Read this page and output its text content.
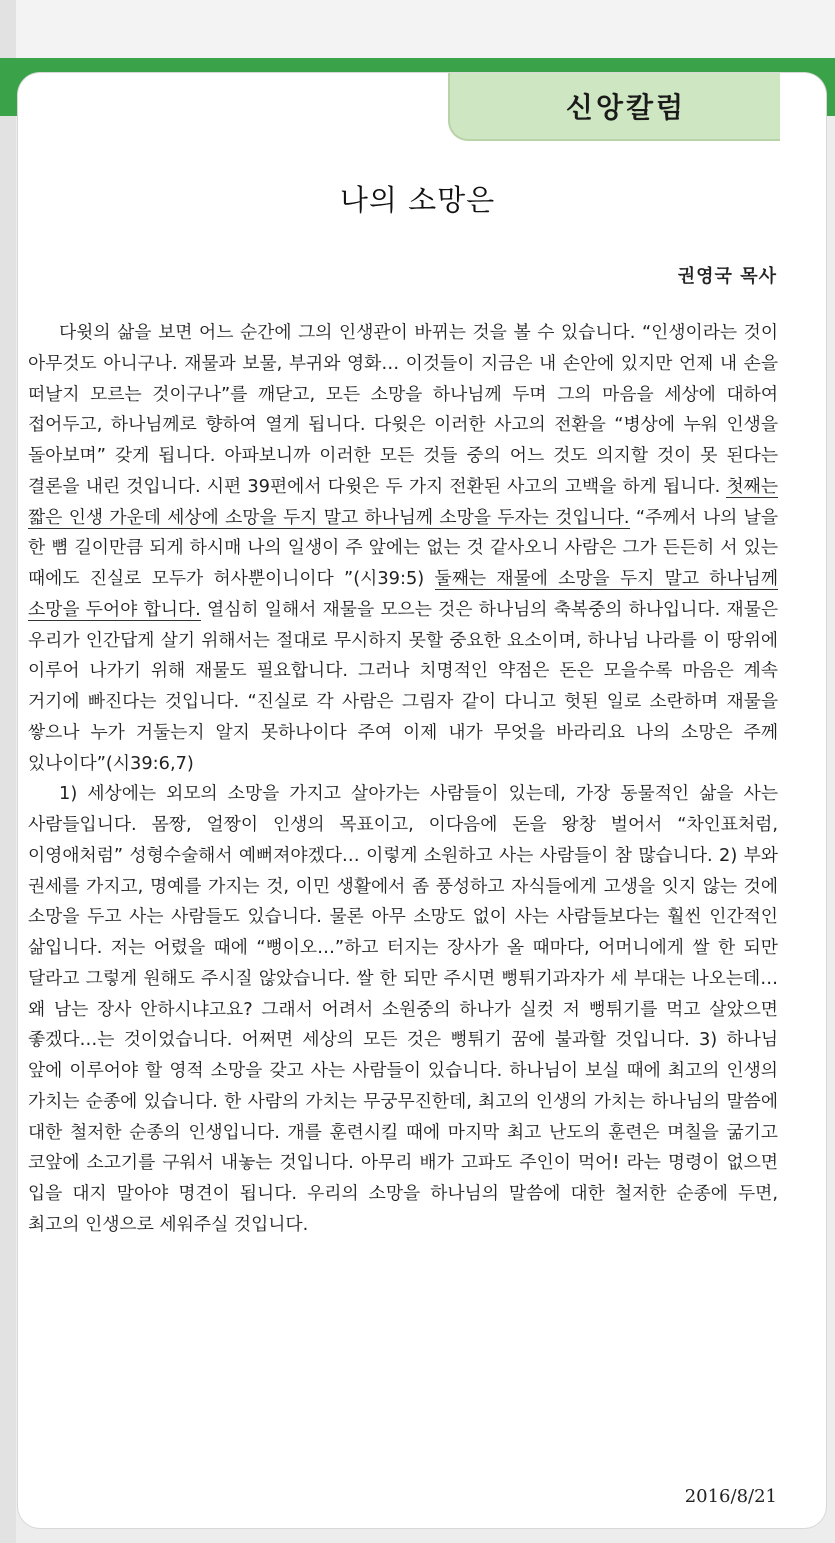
신앙칼럼
나의 소망은
권영국 목사

다윗의 삶을 보면 어느 순간에 그의 인생관이 바뀌는 것을 볼 수 있습니다. “인생이라는 것이 아무것도 아니구나. 재물과 보물, 부귀와 영화… 이것들이 지금은 내 손안에 있지만 언제 내 손을 떠날지 모르는 것이구나”를 깨닫고, 모든 소망을 하나님께 두며 그의 마음을 세상에 대하여 접어두고, 하나님께로 향하여 열게 됩니다. 다윗은 이러한 사고의 전환을 “병상에 누워 인생을 돌아보며” 갖게 됩니다. 아파보니까 이러한 모든 것들 중의 어느 것도 의지할 것이 못 된다는 결론을 내린 것입니다. 시편 39편에서 다윗은 두 가지 전환된 사고의 고백을 하게 됩니다. 첫째는 짧은 인생 가운데 세상에 소망을 두지 말고 하나님께 소망을 두자는 것입니다. “주께서 나의 날을 한 뼘 길이만큼 되게 하시매 나의 일생이 주 앞에는 없는 것 같사오니 사람은 그가 든든히 서 있는 때에도 진실로 모두가 허사뿐이니이다 ”(시39:5) 둘째는 재물에 소망을 두지 말고 하나님께 소망을 두어야 합니다. 열심히 일해서 재물을 모으는 것은 하나님의 축복중의 하나입니다. 재물은 우리가 인간답게 살기 위해서는 절대로 무시하지 못할 중요한 요소이며, 하나님 나라를 이 땅위에 이루어 나가기 위해 재물도 필요합니다. 그러나 치명적인 약점은 돈은 모을수록 마음은 계속 거기에 빠진다는 것입니다. “진실로 각 사람은 그림자 같이 다니고 헛된 일로 소란하며 재물을 쌓으나 누가 거둘는지 알지 못하나이다 주여 이제 내가 무엇을 바라리요 나의 소망은 주께 있나이다”(시39:6,7)

1) 세상에는 외모의 소망을 가지고 살아가는 사람들이 있는데, 가장 동물적인 삶을 사는 사람들입니다. 몸짱, 얼짱이 인생의 목표이고, 이다음에 돈을 왕창 벌어서 “차인표처럼, 이영애처럼” 성형수술해서 예뻐져야겠다… 이렇게 소원하고 사는 사람들이 참 많습니다. 2) 부와 권세를 가지고, 명예를 가지는 것, 이민 생활에서 좀 풍성하고 자식들에게 고생을 잇지 않는 것에 소망을 두고 사는 사람들도 있습니다. 물론 아무 소망도 없이 사는 사람들보다는 훨씬 인간적인 삶입니다. 저는 어렸을 때에 “뻥이오…”하고 터지는 장사가 올 때마다, 어머니에게 쌀 한 되만 달라고 그렇게 원해도 주시질 않았습니다. 쌀 한 되만 주시면 뻥튀기과자가 세 부대는 나오는데…왜 남는 장사 안하시냐고요? 그래서 어려서 소원중의 하나가 실컷 저 뻥튀기를 먹고 살았으면 좋겠다…는 것이었습니다. 어쩌면 세상의 모든 것은 뻥튀기 꿈에 불과할 것입니다. 3) 하나님 앞에 이루어야 할 영적 소망을 갖고 사는 사람들이 있습니다. 하나님이 보실 때에 최고의 인생의 가치는 순종에 있습니다. 한 사람의 가치는 무궁무진한데, 최고의 인생의 가치는 하나님의 말씀에 대한 철저한 순종의 인생입니다. 개를 훈련시킬 때에 마지막 최고 난도의 훈련은 며칠을 굶기고 코앞에 소고기를 구워서 내놓는 것입니다. 아무리 배가 고파도 주인이 먹어! 라는 명령이 없으면 입을 대지 말아야 명견이 됩니다. 우리의 소망을 하나님의 말씀에 대한 철저한 순종에 두면, 최고의 인생으로 세워주실 것입니다.

2016/8/21
